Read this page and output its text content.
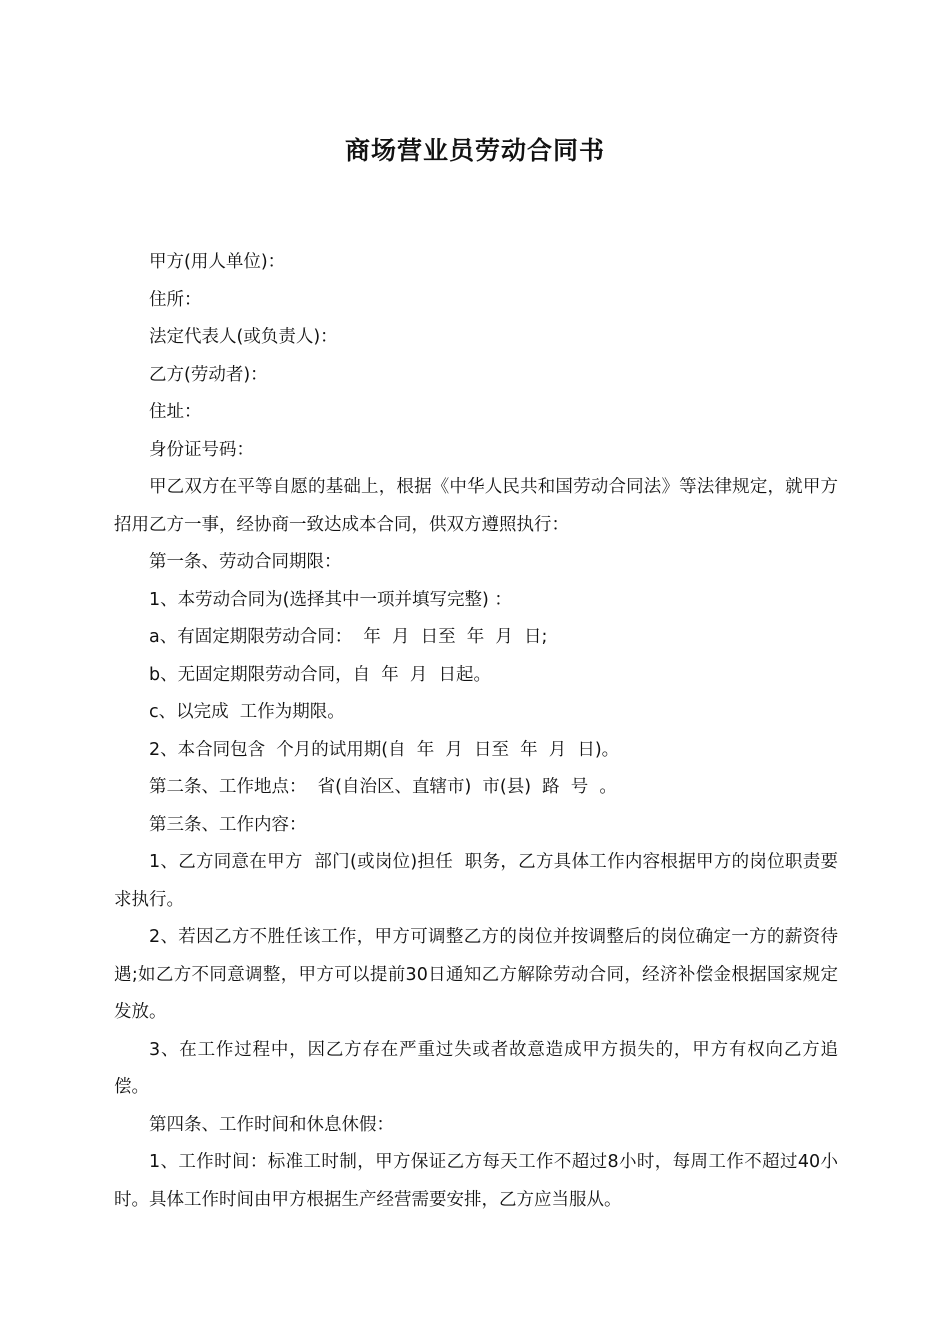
商场营业员劳动合同书

甲方(用人单位)：

住所：

法定代表人(或负责人)：

乙方(劳动者)：

住址：

身份证号码：

甲乙双方在平等自愿的基础上，根据《中华人民共和国劳动合同法》等法律规定，就甲方招用乙方一事，经协商一致达成本合同，供双方遵照执行：

第一条、劳动合同期限：

1、本劳动合同为(选择其中一项并填写完整) ：

a、有固定期限劳动合同：  年  月  日至  年  月  日;

b、无固定期限劳动合同，自  年  月  日起。

c、以完成  工作为期限。

2、本合同包含  个月的试用期(自  年  月  日至  年  月  日)。

第二条、工作地点：  省(自治区、直辖市)  市(县)  路  号  。

第三条、工作内容：

1、乙方同意在甲方  部门(或岗位)担任  职务，乙方具体工作内容根据甲方的岗位职责要求执行。

2、若因乙方不胜任该工作，甲方可调整乙方的岗位并按调整后的岗位确定一方的薪资待遇;如乙方不同意调整，甲方可以提前30日通知乙方解除劳动合同，经济补偿金根据国家规定发放。

3、在工作过程中，因乙方存在严重过失或者故意造成甲方损失的，甲方有权向乙方追偿。

第四条、工作时间和休息休假：

1、工作时间：标准工时制，甲方保证乙方每天工作不超过8小时，每周工作不超过40小时。具体工作时间由甲方根据生产经营需要安排，乙方应当服从。
